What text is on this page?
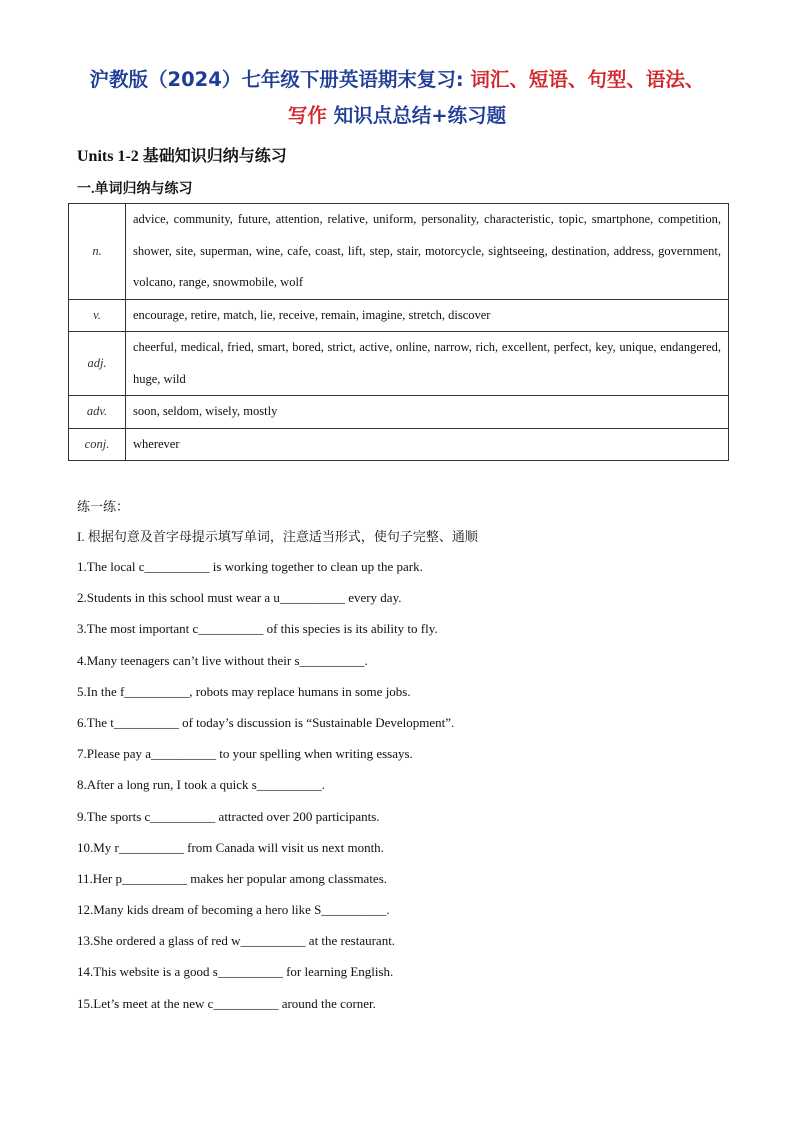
沪教版（2024）七年级下册英语期末复习: 词汇、短语、句型、语法、
写作 知识点总结+练习题
Units 1-2 基础知识归纳与练习
一.单词归纳与练习
n.	advice, community, future, attention, relative, uniform, personality, characteristic, topic, smartphone, competition, shower, site, superman, wine, cafe, coast, lift, step, stair, motorcycle, sightseeing, destination, address, government, volcano, range, snowmobile, wolf
v.	encourage, retire, match, lie, receive, remain, imagine, stretch, discover
adj.	cheerful, medical, fried, smart, bored, strict, active, online, narrow, rich, excellent, perfect, key, unique, endangered, huge, wild
adv.	soon, seldom, wisely, mostly
conj.	wherever
练一练：
I. 根据句意及首字母提示填写单词，注意适当形式，使句子完整、通顺
1.The local c__________ is working together to clean up the park.
2.Students in this school must wear a u__________ every day.
3.The most important c__________ of this species is its ability to fly.
4.Many teenagers can’t live without their s__________.
5.In the f__________, robots may replace humans in some jobs.
6.The t__________ of today’s discussion is “Sustainable Development”.
7.Please pay a__________ to your spelling when writing essays.
8.After a long run, I took a quick s__________.
9.The sports c__________ attracted over 200 participants.
10.My r__________ from Canada will visit us next month.
11.Her p__________ makes her popular among classmates.
12.Many kids dream of becoming a hero like S__________.
13.She ordered a glass of red w__________ at the restaurant.
14.This website is a good s__________ for learning English.
15.Let’s meet at the new c__________ around the corner.
